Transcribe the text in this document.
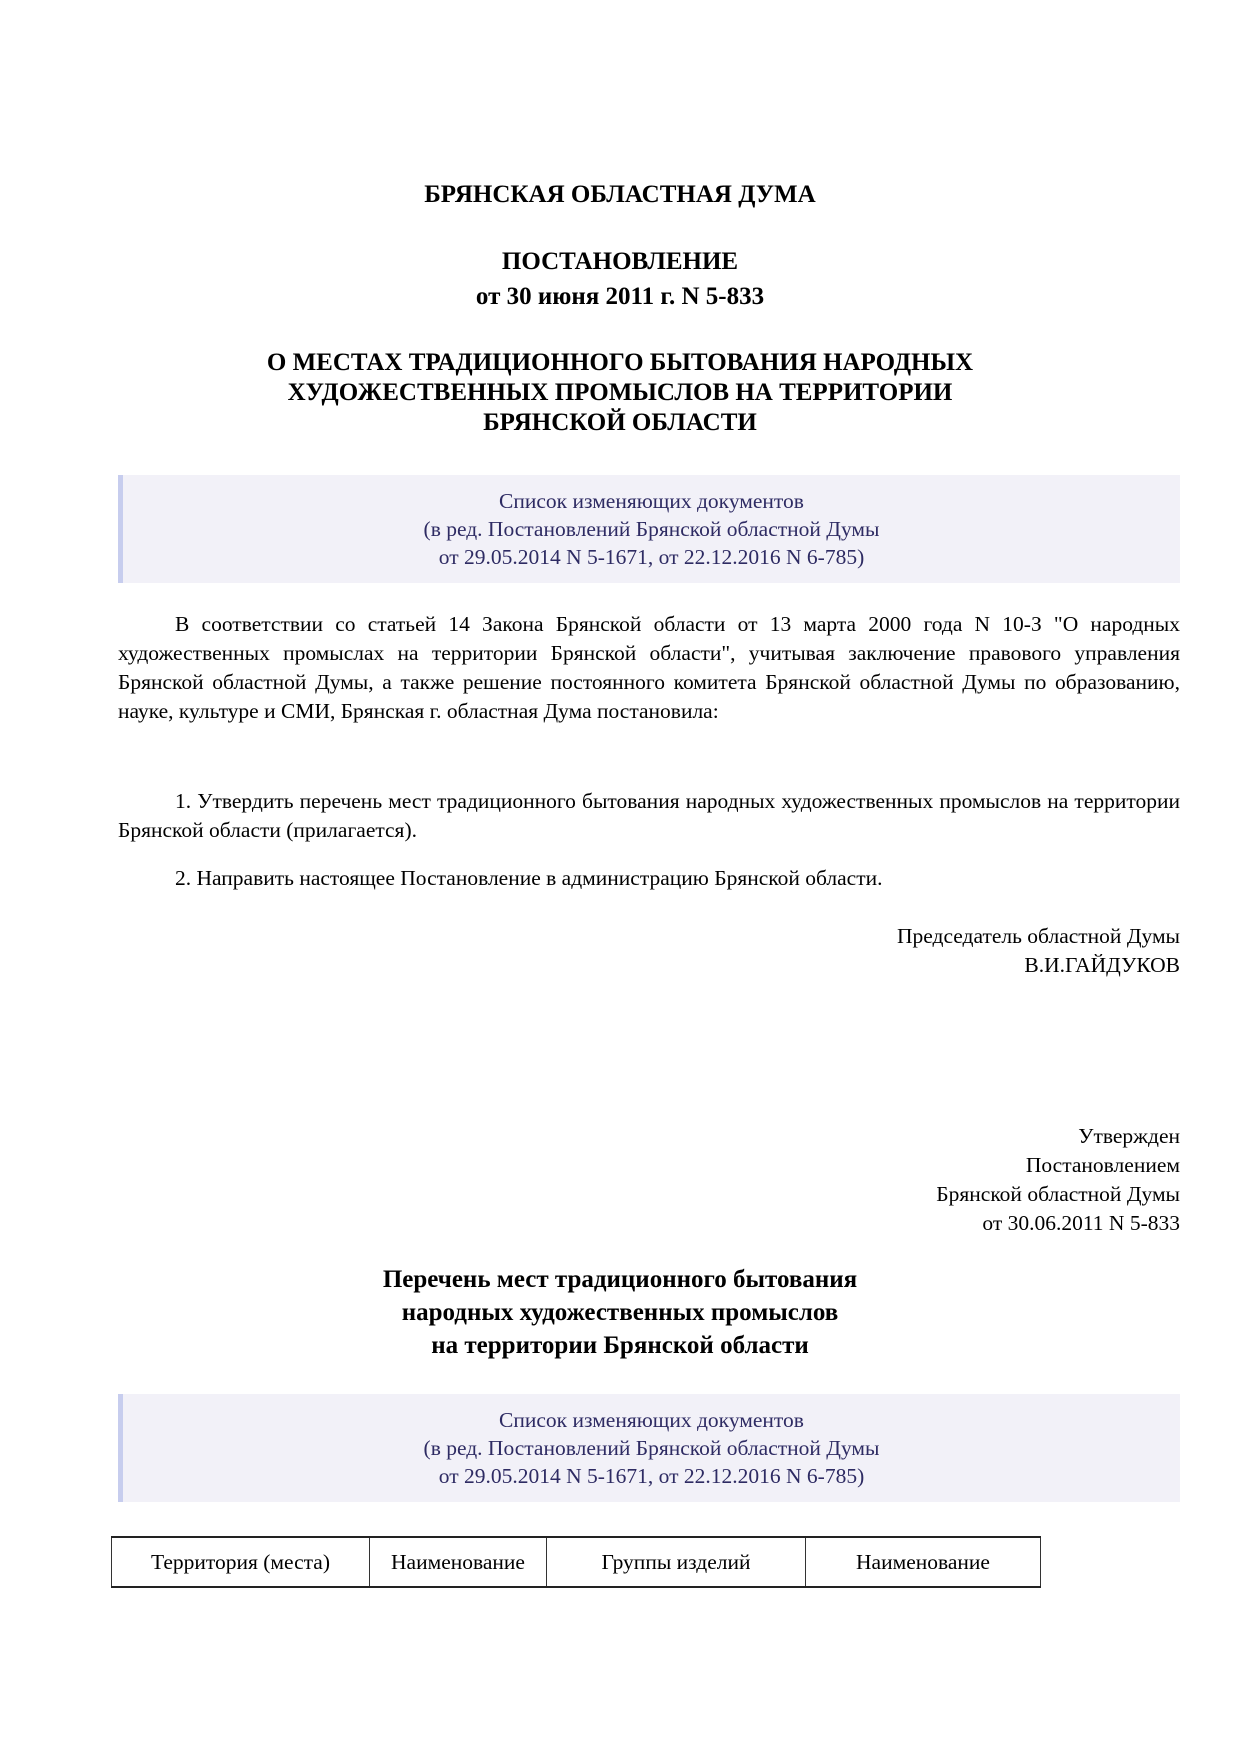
БРЯНСКАЯ ОБЛАСТНАЯ ДУМА
ПОСТАНОВЛЕНИЕ
от 30 июня 2011 г. N 5-833
О МЕСТАХ ТРАДИЦИОННОГО БЫТОВАНИЯ НАРОДНЫХ
ХУДОЖЕСТВЕННЫХ ПРОМЫСЛОВ НА ТЕРРИТОРИИ
БРЯНСКОЙ ОБЛАСТИ
Список изменяющих документов
(в ред. Постановлений Брянской областной Думы
от 29.05.2014 N 5-1671, от 22.12.2016 N 6-785)
В соответствии со статьей 14 Закона Брянской области от 13 марта 2000 года N 10-З "О народных художественных промыслах на территории Брянской области", учитывая заключение правового управления Брянской областной Думы, а также решение постоянного комитета Брянской областной Думы по образованию, науке, культуре и СМИ, Брянская г. областная Дума постановила:
1. Утвердить перечень мест традиционного бытования народных художественных промыслов на территории Брянской области (прилагается).
2. Направить настоящее Постановление в администрацию Брянской области.
Председатель областной Думы
В.И.ГАЙДУКОВ
Утвержден
Постановлением
Брянской областной Думы
от 30.06.2011 N 5-833
Перечень мест традиционного бытования
народных художественных промыслов
на территории Брянской области
Список изменяющих документов
(в ред. Постановлений Брянской областной Думы
от 29.05.2014 N 5-1671, от 22.12.2016 N 6-785)
Территория (места)	Наименование	Группы изделий	Наименование
